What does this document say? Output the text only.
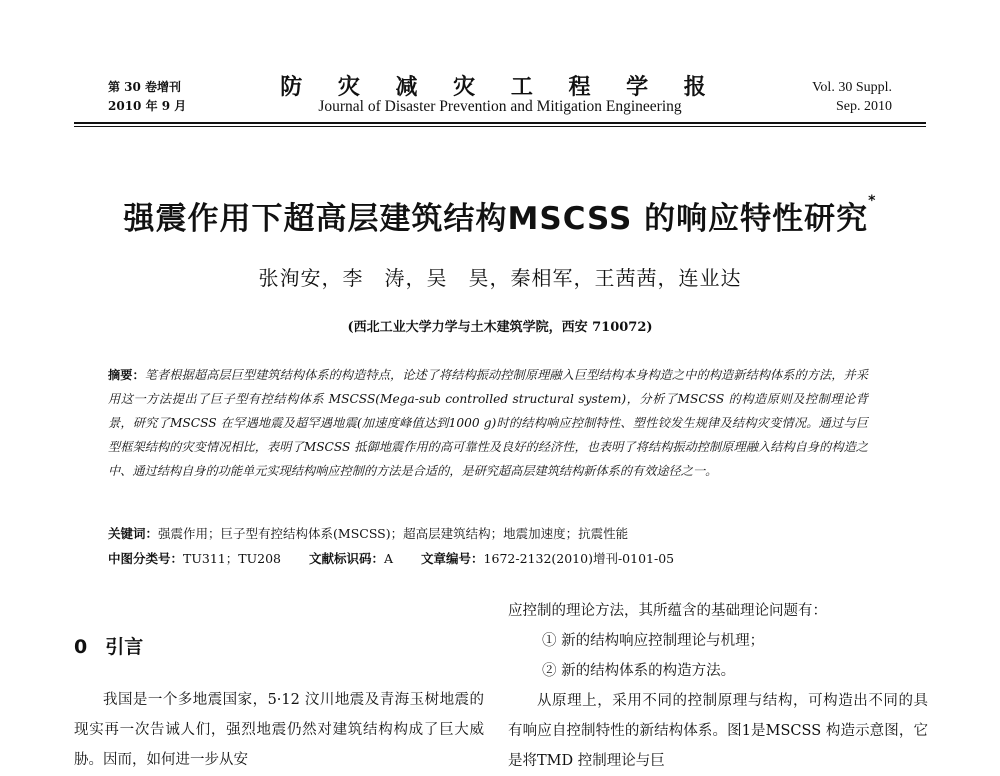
第 30 卷增刊
2010 年 9 月
防 灾 减 灾 工 程 学 报
Journal of Disaster Prevention and Mitigation Engineering
Vol. 30 Suppl.
Sep. 2010
强震作用下超高层建筑结构MSCSS 的响应特性研究*
张洵安，李　涛，吴　昊，秦相军，王茜茜，连业达
(西北工业大学力学与土木建筑学院，西安 710072)
摘要：笔者根据超高层巨型建筑结构体系的构造特点，论述了将结构振动控制原理融入巨型结构本身构造之中的构造新结构体系的方法，并采用这一方法提出了巨子型有控结构体系 MSCSS(Mega-sub controlled structural system)，分析了MSCSS 的构造原则及控制理论背景，研究了MSCSS 在罕遇地震及超罕遇地震(加速度峰值达到1000 g)时的结构响应控制特性、塑性铰发生规律及结构灾变情况。通过与巨型框架结构的灾变情况相比，表明了MSCSS 抵御地震作用的高可靠性及良好的经济性，也表明了将结构振动控制原理融入结构自身的构造之中、通过结构自身的功能单元实现结构响应控制的方法是合适的，是研究超高层建筑结构新体系的有效途径之一。
关键词：强震作用；巨子型有控结构体系(MSCSS)；超高层建筑结构；地震加速度；抗震性能
中图分类号：TU311；TU208 文献标识码：A 文章编号：1672-2132(2010)增刊-0101-05
0 引言

我国是一个多地震国家，5·12 汶川地震及青海玉树地震的现实再一次告诫人们，强烈地震仍然对建筑结构构成了巨大威胁。因而，如何进一步从安

应控制的理论方法，其所蕴含的基础理论问题有：

① 新的结构响应控制理论与机理；

② 新的结构体系的构造方法。

从原理上，采用不同的控制原理与结构，可构造出不同的具有响应自控制特性的新结构体系。图1是MSCSS 构造示意图，它是将TMD 控制理论与巨
